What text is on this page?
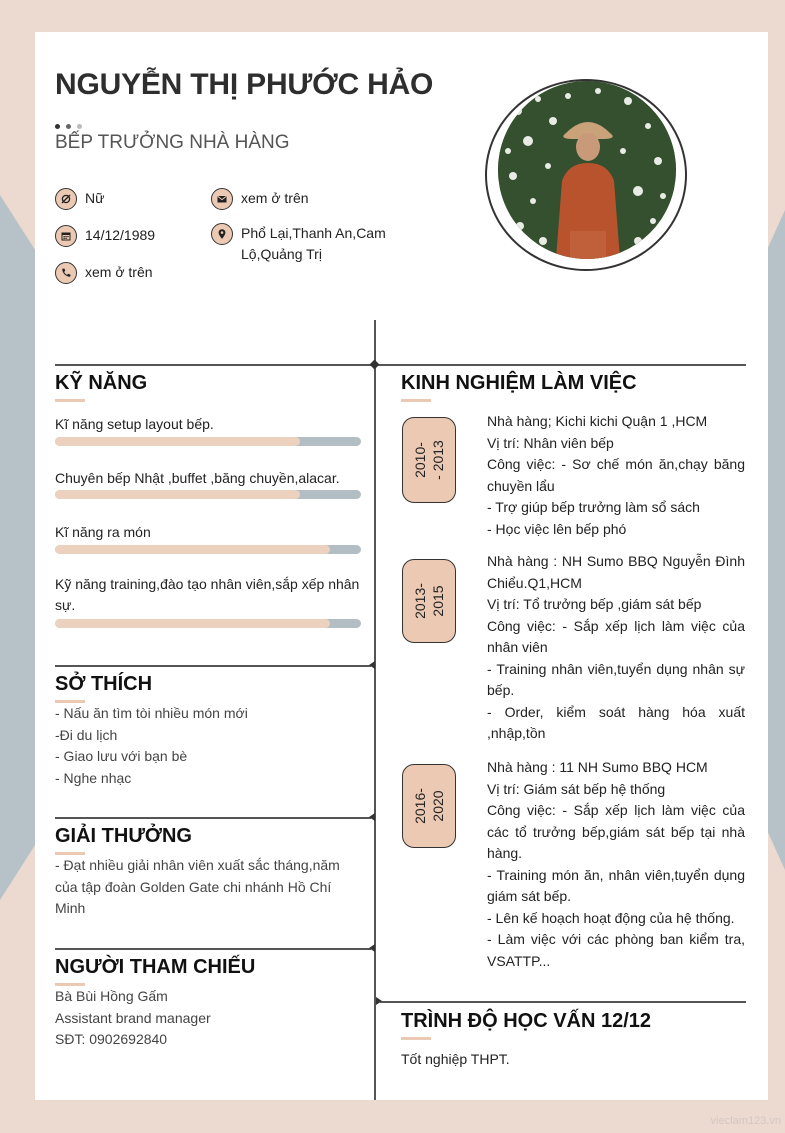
NGUYỄN THỊ PHƯỚC HẢO
BẾP TRƯỞNG NHÀ HÀNG
Nữ
14/12/1989
xem ở trên
xem ở trên
Phổ Lại,Thanh An,Cam Lộ,Quảng Trị
KỸ NĂNG
Kĩ năng setup layout bếp.
Chuyên bếp Nhật ,buffet ,băng chuyền,alacar.
Kĩ năng ra món
Kỹ năng training,đào tạo nhân viên,sắp xếp nhân sự.
SỞ THÍCH
- Nấu ăn tìm tòi nhiều món mới
-Đi du lịch
- Giao lưu với bạn bè
- Nghe nhạc
GIẢI THƯỞNG
- Đạt nhiều giải nhân viên xuất sắc tháng,năm của tập đoàn Golden Gate chi nhánh Hồ Chí Minh
NGƯỜI THAM CHIẾU
Bà Bùi Hồng Gấm
Assistant brand manager
SĐT: 0902692840
KINH NGHIỆM LÀM VIỆC
2010- - 2013
Nhà hàng; Kichi kichi Quận 1 ,HCM
Vị trí: Nhân viên bếp
Công việc: - Sơ chế món ăn,chạy băng chuyền lẩu
- Trợ giúp bếp trưởng làm sổ sách
- Học việc lên bếp phó
2013- 2015
Nhà hàng : NH Sumo BBQ Nguyễn Đình Chiểu.Q1,HCM
Vị trí: Tổ trưởng bếp ,giám sát bếp
Công việc: - Sắp xếp lịch làm việc của nhân viên
- Training nhân viên,tuyển dụng nhân sự bếp.
- Order, kiểm soát hàng hóa xuất ,nhập,tồn
2016- 2020
Nhà hàng : 11 NH Sumo BBQ HCM
Vị trí: Giám sát bếp hệ thống
Công việc: - Sắp xếp lịch làm việc của các tổ trưởng bếp,giám sát bếp tại nhà hàng.
- Training món ăn, nhân viên,tuyển dụng giám sát bếp.
- Lên kế hoạch hoạt động của hệ thống.
- Làm việc với các phòng ban kiểm tra, VSATTP...
TRÌNH ĐỘ HỌC VẤN 12/12
Tốt nghiệp THPT.
vieclam123.vn
